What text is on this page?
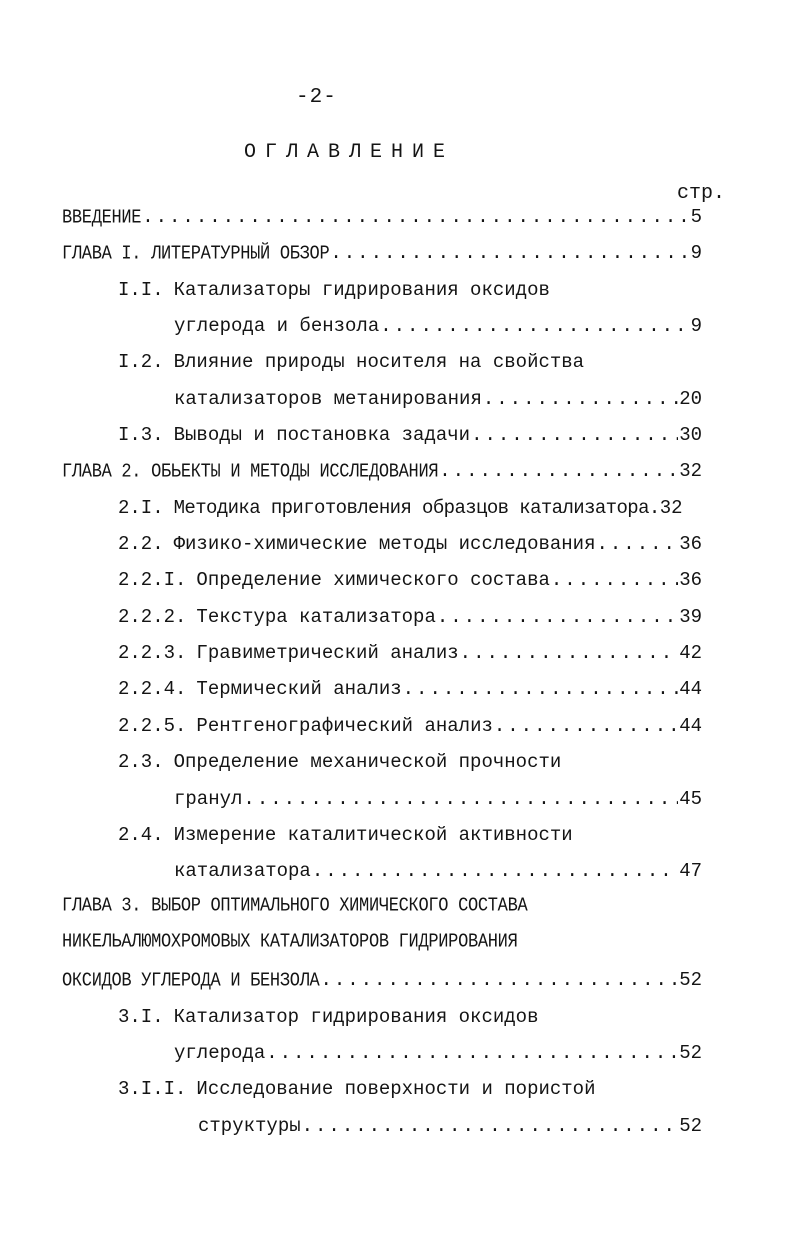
-2-
ОГЛАВЛЕНИЕ
стр.
ВВЕДЕНИЕ .....	5
ГЛАВА I. ЛИТЕРАТУРНЫЙ ОБЗОР .....	9
I.I. Катализаторы гидрирования оксидов
углерода и бензола .....	9
I.2. Влияние природы носителя на свойства
катализаторов метанирования .....	20
I.3. Выводы и постановка задачи .....	30
ГЛАВА 2. ОБЬЕКТЫ И МЕТОДЫ ИССЛЕДОВАНИЯ .....	32
2.I. Методика приготовления образцов катализатора. 32
2.2. Физико-химические методы исследования .....	36
2.2.I. Определение химического состава .....	36
2.2.2. Текстура катализатора .....	39
2.2.3. Гравиметрический анализ .....	42
2.2.4. Термический анализ .....	44
2.2.5. Рентгенографический анализ .....	44
2.3. Определение механической прочности
гранул .....	45
2.4. Измерение каталитической активности
катализатора .....	47
ГЛАВА 3. ВЫБОР ОПТИМАЛЬНОГО ХИМИЧЕСКОГО СОСТАВА
НИКЕЛЬАЛЮМОХРОМОВЫХ КАТАЛИЗАТОРОВ ГИДРИРОВАНИЯ
ОКСИДОВ УГЛЕРОДА И БЕНЗОЛА .....	52
3.I. Катализатор гидрирования оксидов
углерода .....	52
3.I.I. Исследование поверхности и пористой
структуры .....	52
